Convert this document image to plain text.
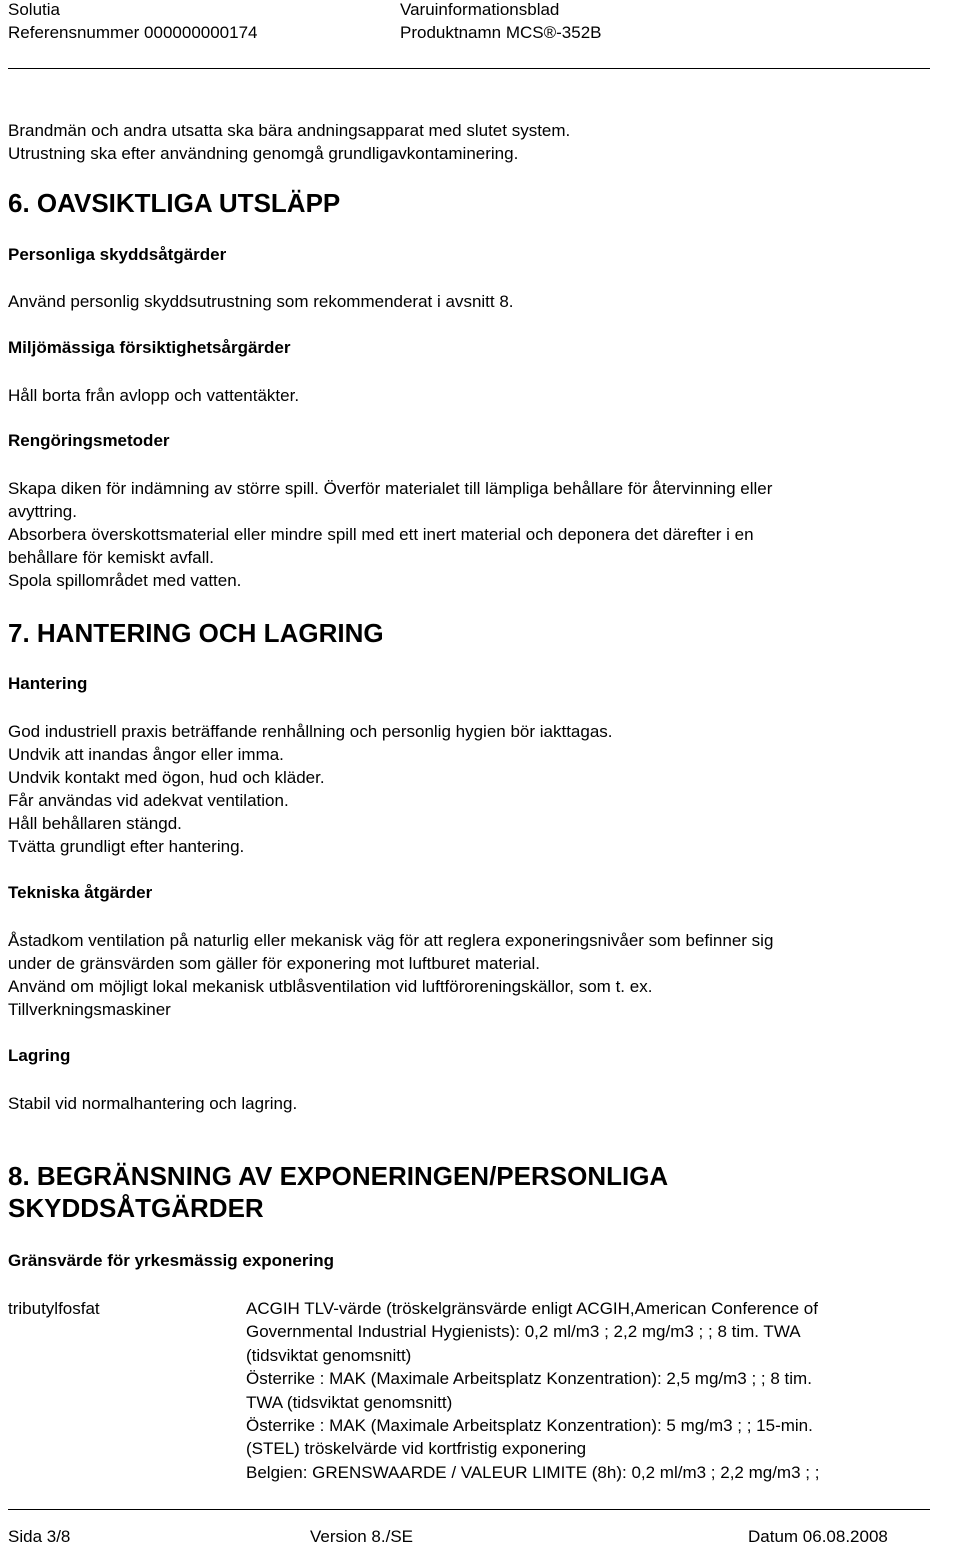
Solutia	Varuinformationsblad
Referensnummer 000000000174	Produktnamn MCS®-352B
Brandmän och andra utsatta ska bära andningsapparat med slutet system.
Utrustning ska efter användning genomgå grundligavkontaminering.
6. OAVSIKTLIGA UTSLÄPP
Personliga skyddsåtgärder
Använd personlig skyddsutrustning som rekommenderat i avsnitt 8.
Miljömässiga försiktighetsårgärder
Håll borta från avlopp och vattentäkter.
Rengöringsmetoder
Skapa diken för indämning av större spill. Överför materialet till lämpliga behållare för återvinning eller
avyttring.
Absorbera överskottsmaterial eller mindre spill med ett inert material och deponera det därefter i en
behållare för kemiskt avfall.
Spola spillområdet med vatten.
7. HANTERING OCH LAGRING
Hantering
God industriell praxis beträffande renhållning och personlig hygien bör iakttagas.
Undvik att inandas ångor eller imma.
Undvik kontakt med ögon, hud och kläder.
Får användas vid adekvat ventilation.
Håll behållaren stängd.
Tvätta grundligt efter hantering.
Tekniska åtgärder
Åstadkom ventilation på naturlig eller mekanisk väg för att reglera exponeringsnivåer som befinner sig
under de gränsvärden som gäller för exponering mot luftburet material.
Använd om möjligt lokal mekanisk utblåsventilation vid luftföroreningskällor, som t. ex.
Tillverkningsmaskiner
Lagring
Stabil vid normalhantering och lagring.
8. BEGRÄNSNING AV EXPONERINGEN/PERSONLIGA
SKYDDSÅTGÄRDER
Gränsvärde för yrkesmässig exponering
tributylfosfat	ACGIH TLV-värde (tröskelgränsvärde enligt ACGIH,American Conference of
Governmental Industrial Hygienists): 0,2 ml/m3 ; 2,2 mg/m3 ; ; 8 tim. TWA
(tidsviktat genomsnitt)
Österrike : MAK (Maximale Arbeitsplatz Konzentration): 2,5 mg/m3 ; ; 8 tim.
TWA (tidsviktat genomsnitt)
Österrike : MAK (Maximale Arbeitsplatz Konzentration): 5 mg/m3 ; ; 15-min.
(STEL) tröskelvärde vid kortfristig exponering
Belgien: GRENSWAARDE / VALEUR LIMITE (8h): 0,2 ml/m3 ; 2,2 mg/m3 ; ;
Sida 3/8	Version 8./SE	Datum 06.08.2008
